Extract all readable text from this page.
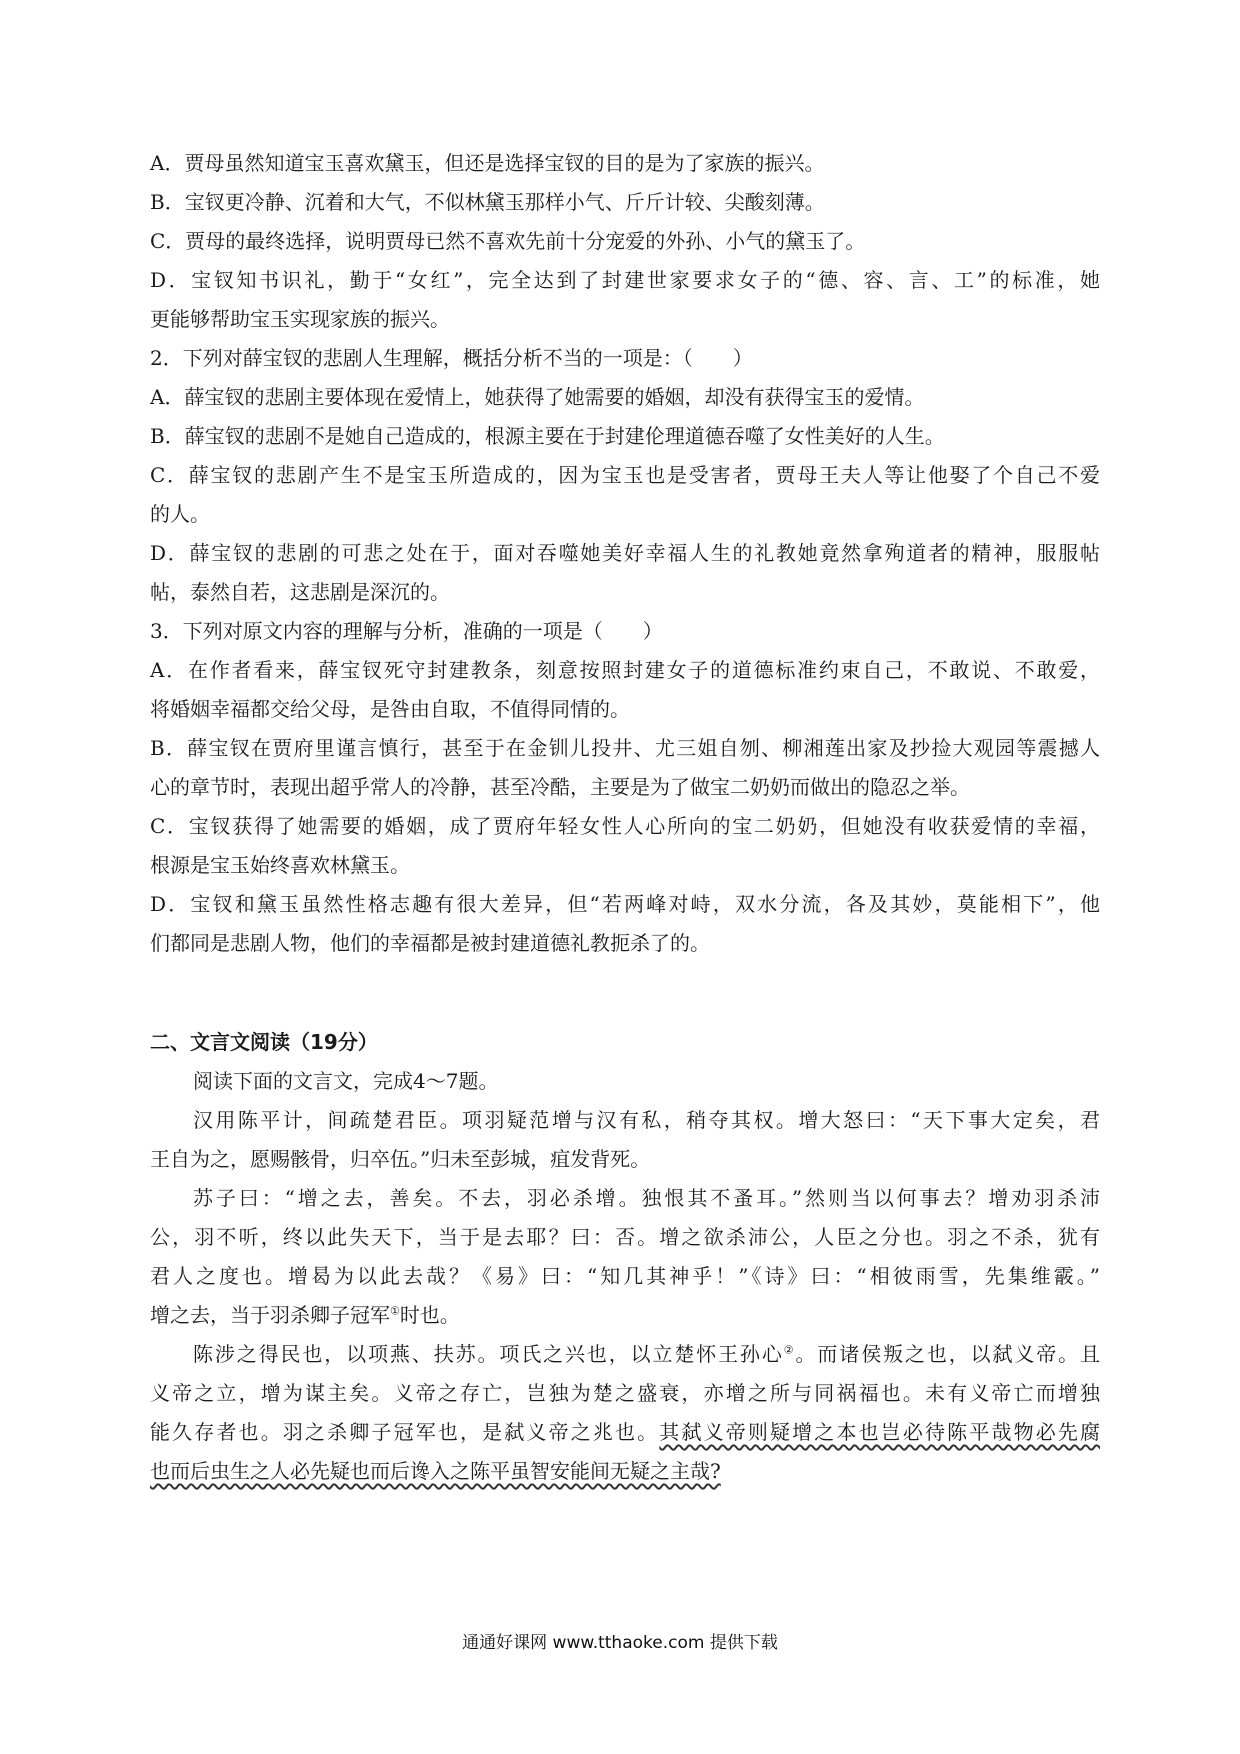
A．贾母虽然知道宝玉喜欢黛玉，但还是选择宝钗的目的是为了家族的振兴。
B．宝钗更冷静、沉着和大气，不似林黛玉那样小气、斤斤计较、尖酸刻薄。
C．贾母的最终选择，说明贾母已然不喜欢先前十分宠爱的外孙、小气的黛玉了。
D．宝钗知书识礼，勤于“女红”，完全达到了封建世家要求女子的“德、容、言、工”的标准，她
更能够帮助宝玉实现家族的振兴。
2．下列对薛宝钗的悲剧人生理解，概括分析不当的一项是：（　　）
A．薛宝钗的悲剧主要体现在爱情上，她获得了她需要的婚姻，却没有获得宝玉的爱情。
B．薛宝钗的悲剧不是她自己造成的，根源主要在于封建伦理道德吞噬了女性美好的人生。
C．薛宝钗的悲剧产生不是宝玉所造成的，因为宝玉也是受害者，贾母王夫人等让他娶了个自己不爱
的人。
D．薛宝钗的悲剧的可悲之处在于，面对吞噬她美好幸福人生的礼教她竟然拿殉道者的精神，服服帖
帖，泰然自若，这悲剧是深沉的。
3．下列对原文内容的理解与分析，准确的一项是（　　）
A．在作者看来，薛宝钗死守封建教条，刻意按照封建女子的道德标准约束自己，不敢说、不敢爱，
将婚姻幸福都交给父母，是咎由自取，不值得同情的。
B．薛宝钗在贾府里谨言慎行，甚至于在金钏儿投井、尤三姐自刎、柳湘莲出家及抄捡大观园等震撼人
心的章节时，表现出超乎常人的冷静，甚至冷酷，主要是为了做宝二奶奶而做出的隐忍之举。
C．宝钗获得了她需要的婚姻，成了贾府年轻女性人心所向的宝二奶奶，但她没有收获爱情的幸福，
根源是宝玉始终喜欢林黛玉。
D．宝钗和黛玉虽然性格志趣有很大差异，但“若两峰对峙，双水分流，各及其妙，莫能相下”，他
们都同是悲剧人物，他们的幸福都是被封建道德礼教扼杀了的。
二、文言文阅读（19分）
阅读下面的文言文，完成4～7题。
汉用陈平计，间疏楚君臣。项羽疑范增与汉有私，稍夺其权。增大怒曰：“天下事大定矣，君
王自为之，愿赐骸骨，归卒伍。”归未至彭城，疽发背死。
苏子曰：“增之去，善矣。不去，羽必杀增。独恨其不蚤耳。”然则当以何事去？增劝羽杀沛
公，羽不听，终以此失天下，当于是去耶？曰：否。增之欲杀沛公，人臣之分也。羽之不杀，犹有
君人之度也。增曷为以此去哉？《易》曰：“知几其神乎！”《诗》曰：“相彼雨雪，先集维霰。”
增之去，当于羽杀卿子冠军①时也。
陈涉之得民也，以项燕、扶苏。项氏之兴也，以立楚怀王孙心②。而诸侯叛之也，以弑义帝。且
义帝之立，增为谋主矣。义帝之存亡，岂独为楚之盛衰，亦增之所与同祸福也。未有义帝亡而增独
能久存者也。羽之杀卿子冠军也，是弑义帝之兆也。其弑义帝则疑增之本也岂必待陈平哉物必先腐
也而后虫生之人必先疑也而后谗入之陈平虽智安能间无疑之主哉?
通通好课网 www.tthaoke.com 提供下载
